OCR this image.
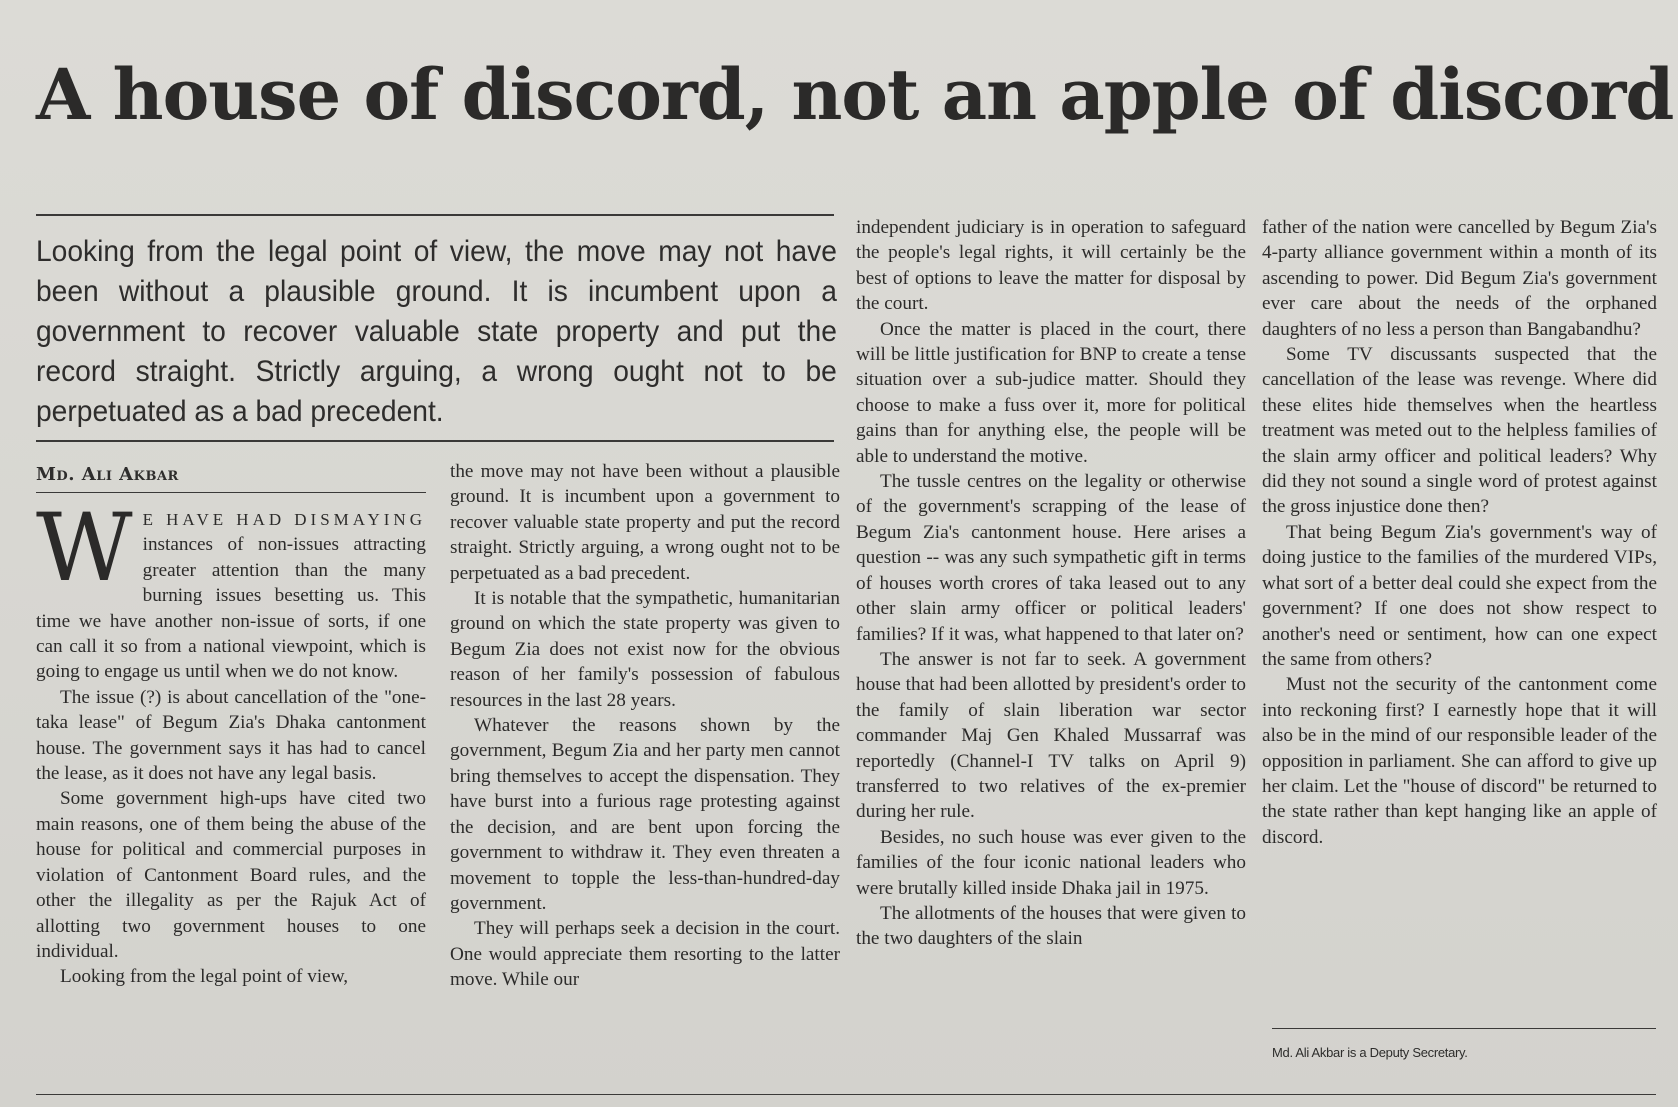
A house of discord, not an apple of discord
Looking from the legal point of view, the move may not have been without a plausible ground. It is incumbent upon a government to recover valuable state property and put the record straight. Strictly arguing, a wrong ought not to be perpetuated as a bad precedent.
Md. Ali Akbar

W E HAVE HAD DISMAYING instances of non-issues attracting greater attention than the many burning issues besetting us. This time we have another non-issue of sorts, if one can call it so from a national viewpoint, which is going to engage us until when we do not know.

The issue (?) is about cancellation of the "one-taka lease" of Begum Zia's Dhaka cantonment house. The government says it has had to cancel the lease, as it does not have any legal basis.

Some government high-ups have cited two main reasons, one of them being the abuse of the house for political and commercial purposes in violation of Cantonment Board rules, and the other the illegality as per the Rajuk Act of allotting two government houses to one individual.

Looking from the legal point of view,

the move may not have been without a plausible ground. It is incumbent upon a government to recover valuable state property and put the record straight. Strictly arguing, a wrong ought not to be perpetuated as a bad precedent.

It is notable that the sympathetic, humanitarian ground on which the state property was given to Begum Zia does not exist now for the obvious reason of her family's possession of fabulous resources in the last 28 years.

Whatever the reasons shown by the government, Begum Zia and her party men cannot bring themselves to accept the dispensation. They have burst into a furious rage protesting against the decision, and are bent upon forcing the government to withdraw it. They even threaten a movement to topple the less-than-hundred-day government.

They will perhaps seek a decision in the court. One would appreciate them resorting to the latter move. While our

independent judiciary is in operation to safeguard the people's legal rights, it will certainly be the best of options to leave the matter for disposal by the court.

Once the matter is placed in the court, there will be little justification for BNP to create a tense situation over a sub-judice matter. Should they choose to make a fuss over it, more for political gains than for anything else, the people will be able to understand the motive.

The tussle centres on the legality or otherwise of the government's scrapping of the lease of Begum Zia's cantonment house. Here arises a question -- was any such sympathetic gift in terms of houses worth crores of taka leased out to any other slain army officer or political leaders' families? If it was, what happened to that later on?

The answer is not far to seek. A government house that had been allotted by president's order to the family of slain liberation war sector commander Maj Gen Khaled Mussarraf was reportedly (Channel-I TV talks on April 9) transferred to two relatives of the ex-premier during her rule.

Besides, no such house was ever given to the families of the four iconic national leaders who were brutally killed inside Dhaka jail in 1975.

The allotments of the houses that were given to the two daughters of the slain

father of the nation were cancelled by Begum Zia's 4-party alliance government within a month of its ascending to power. Did Begum Zia's government ever care about the needs of the orphaned daughters of no less a person than Bangabandhu?

Some TV discussants suspected that the cancellation of the lease was revenge. Where did these elites hide themselves when the heartless treatment was meted out to the helpless families of the slain army officer and political leaders? Why did they not sound a single word of protest against the gross injustice done then?

That being Begum Zia's government's way of doing justice to the families of the murdered VIPs, what sort of a better deal could she expect from the government? If one does not show respect to another's need or sentiment, how can one expect the same from others?

Must not the security of the cantonment come into reckoning first? I earnestly hope that it will also be in the mind of our responsible leader of the opposition in parliament. She can afford to give up her claim. Let the "house of discord" be returned to the state rather than kept hanging like an apple of discord.

Md. Ali Akbar is a Deputy Secretary.
